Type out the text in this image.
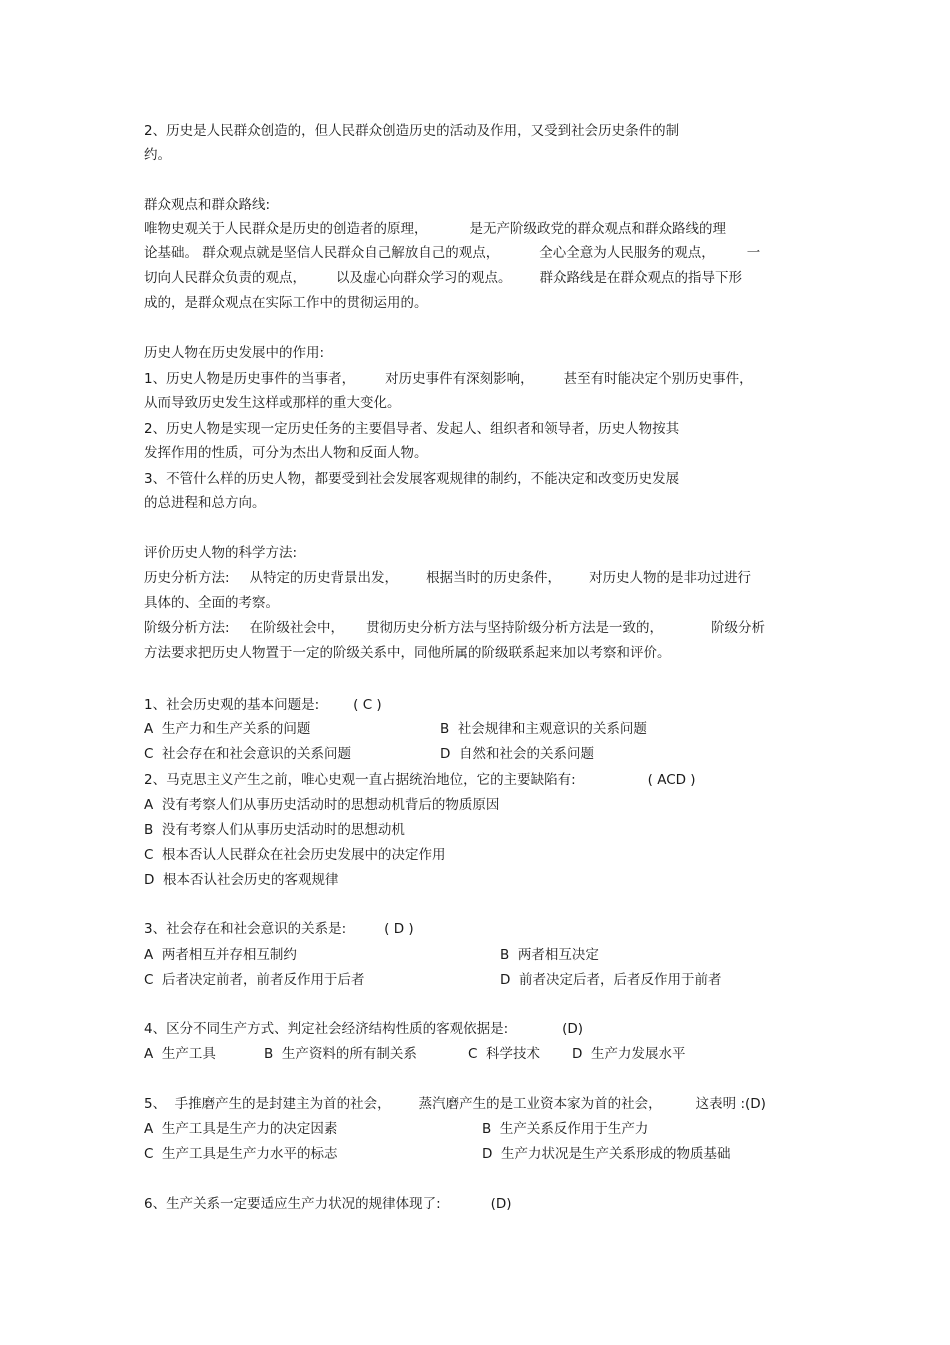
2、历史是人民群众创造的，但人民群众创造历史的活动及作用，又受到社会历史条件的制
约。
群众观点和群众路线:
唯物史观关于人民群众是历史的创造者的原理，	是无产阶级政党的群众观点和群众路线的理
论基础。 群众观点就是坚信人民群众自己解放自己的观点，	全心全意为人民服务的观点， 一
切向人民群众负责的观点， 以及虚心向群众学习的观点。 群众路线是在群众观点的指导下形
成的，是群众观点在实际工作中的贯彻运用的。
历史人物在历史发展中的作用:
1、历史人物是历史事件的当事者， 对历史事件有深刻影响， 甚至有时能决定个别历史事件，
从而导致历史发生这样或那样的重大变化。
2、历史人物是实现一定历史任务的主要倡导者、发起人、组织者和领导者，历史人物按其
发挥作用的性质，可分为杰出人物和反面人物。
3、不管什么样的历史人物，都要受到社会发展客观规律的制约，不能决定和改变历史发展
的总进程和总方向。
评价历史人物的科学方法:
历史分析方法: 从特定的历史背景出发， 根据当时的历史条件， 对历史人物的是非功过进行
具体的、全面的考察。
阶级分析方法: 在阶级社会中， 贯彻历史分析方法与坚持阶级分析方法是一致的，	阶级分析
方法要求把历史人物置于一定的阶级关系中，同他所属的阶级联系起来加以考察和评价。
1、社会历史观的基本问题是:	( C )
A  生产力和生产关系的问题	B  社会规律和主观意识的关系问题
C  社会存在和社会意识的关系问题	D  自然和社会的关系问题
2、马克思主义产生之前，唯心史观一直占据统治地位，它的主要缺陷有:	( ACD )
A  没有考察人们从事历史活动时的思想动机背后的物质原因
B  没有考察人们从事历史活动时的思想动机
C  根本否认人民群众在社会历史发展中的决定作用
D  根本否认社会历史的客观规律
3、社会存在和社会意识的关系是:	( D )
A  两者相互并存相互制约	B  两者相互决定
C  后者决定前者，前者反作用于后者	D  前者决定后者，后者反作用于前者
4、区分不同生产方式、判定社会经济结构性质的客观依据是:	(D)
A  生产工具	B  生产资料的所有制关系	C  科学技术 D  生产力发展水平
5、  手推磨产生的是封建主为首的社会， 蒸汽磨产生的是工业资本家为首的社会，	这表明 :(D)
A  生产工具是生产力的决定因素	B  生产关系反作用于生产力
C  生产工具是生产力水平的标志	D  生产力状况是生产关系形成的物质基础
6、生产关系一定要适应生产力状况的规律体现了:	(D)
